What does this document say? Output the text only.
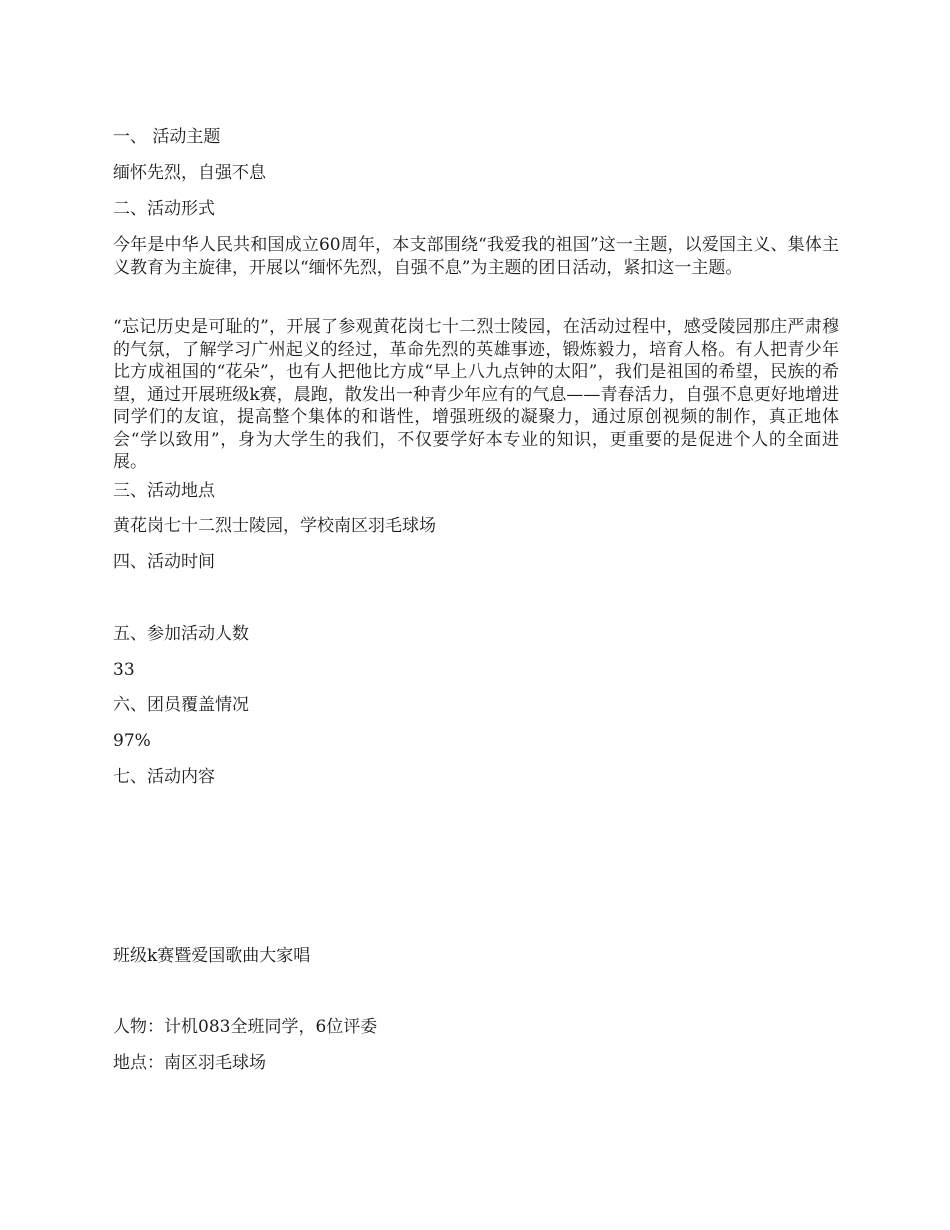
一、 活动主题
缅怀先烈，自强不息
二、活动形式
今年是中华人民共和国成立60周年，本支部围绕“我爱我的祖国”这一主题，以爱国主义、集体主义教育为主旋律，开展以“缅怀先烈，自强不息”为主题的团日活动，紧扣这一主题。
“忘记历史是可耻的”，开展了参观黄花岗七十二烈士陵园，在活动过程中，感受陵园那庄严肃穆的气氛，了解学习广州起义的经过，革命先烈的英雄事迹，锻炼毅力，培育人格。有人把青少年比方成祖国的“花朵”，也有人把他比方成“早上八九点钟的太阳”，我们是祖国的希望，民族的希望，通过开展班级k赛，晨跑，散发出一种青少年应有的气息——青春活力，自强不息更好地增进同学们的友谊，提高整个集体的和谐性，增强班级的凝聚力，通过原创视频的制作，真正地体会“学以致用”，身为大学生的我们，不仅要学好本专业的知识，更重要的是促进个人的全面进展。
三、活动地点
黄花岗七十二烈士陵园，学校南区羽毛球场
四、活动时间
五、参加活动人数
33
六、团员覆盖情况
97%
七、活动内容
班级k赛暨爱国歌曲大家唱
人物：计机083全班同学，6位评委
地点：南区羽毛球场
